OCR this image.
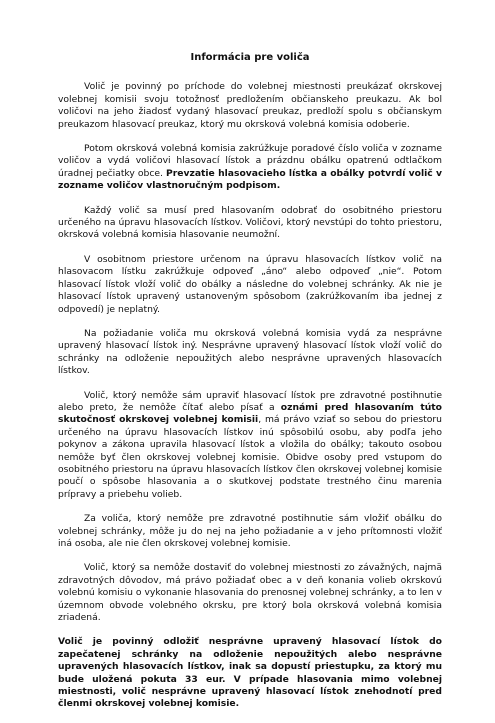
Informácia pre voliča

Volič je povinný po príchode do volebnej miestnosti preukázať okrskovej volebnej komisii svoju totožnosť predložením občianskeho preukazu. Ak bol voličovi na jeho žiadosť vydaný hlasovací preukaz, predloží spolu s občianskym preukazom hlasovací preukaz, ktorý mu okrsková volebná komisia odoberie.

Potom okrsková volebná komisia zakrúžkuje poradové číslo voliča v zozname voličov a vydá voličovi hlasovací lístok a prázdnu obálku opatrenú odtlačkom úradnej pečiatky obce. Prevzatie hlasovacieho lístka a obálky potvrdí volič v zozname voličov vlastnoručným podpisom.

Každý volič sa musí pred hlasovaním odobrať do osobitného priestoru určeného na úpravu hlasovacích lístkov. Voličovi, ktorý nevstúpi do tohto priestoru, okrsková volebná komisia hlasovanie neumožní.

V osobitnom priestore určenom na úpravu hlasovacích lístkov volič na hlasovacom lístku zakrúžkuje odpoveď „áno“ alebo odpoveď „nie“. Potom hlasovací lístok vloží volič do obálky a následne do volebnej schránky. Ak nie je hlasovací lístok upravený ustanoveným spôsobom (zakrúžkovaním iba jednej z odpovedí) je neplatný.

Na požiadanie voliča mu okrsková volebná komisia vydá za nesprávne upravený hlasovací lístok iný. Nesprávne upravený hlasovací lístok vloží volič do schránky na odloženie nepoužitých alebo nesprávne upravených hlasovacích lístkov.

Volič, ktorý nemôže sám upraviť hlasovací lístok pre zdravotné postihnutie alebo preto, že nemôže čítať alebo písať a oznámi pred hlasovaním túto skutočnosť okrskovej volebnej komisii, má právo vziať so sebou do priestoru určeného na úpravu hlasovacích lístkov inú spôsobilú osobu, aby podľa jeho pokynov a zákona upravila hlasovací lístok a vložila do obálky; takouto osobou nemôže byť člen okrskovej volebnej komisie. Obidve osoby pred vstupom do osobitného priestoru na úpravu hlasovacích lístkov člen okrskovej volebnej komisie poučí o spôsobe hlasovania a o skutkovej podstate trestného činu marenia prípravy a priebehu volieb.

Za voliča, ktorý nemôže pre zdravotné postihnutie sám vložiť obálku do volebnej schránky, môže ju do nej na jeho požiadanie a v jeho prítomnosti vložiť iná osoba, ale nie člen okrskovej volebnej komisie.

Volič, ktorý sa nemôže dostaviť do volebnej miestnosti zo závažných, najmä zdravotných dôvodov, má právo požiadať obec a v deň konania volieb okrskovú volebnú komisiu o vykonanie hlasovania do prenosnej volebnej schránky, a to len v územnom obvode volebného okrsku, pre ktorý bola okrsková volebná komisia zriadená.

Volič je povinný odložiť nesprávne upravený hlasovací lístok do zapečatenej schránky na odloženie nepoužitých alebo nesprávne upravených hlasovacích lístkov, inak sa dopustí priestupku, za ktorý mu bude uložená pokuta 33 eur. V prípade hlasovania mimo volebnej miestnosti, volič nesprávne upravený hlasovací lístok znehodnotí pred členmi okrskovej volebnej komisie.
